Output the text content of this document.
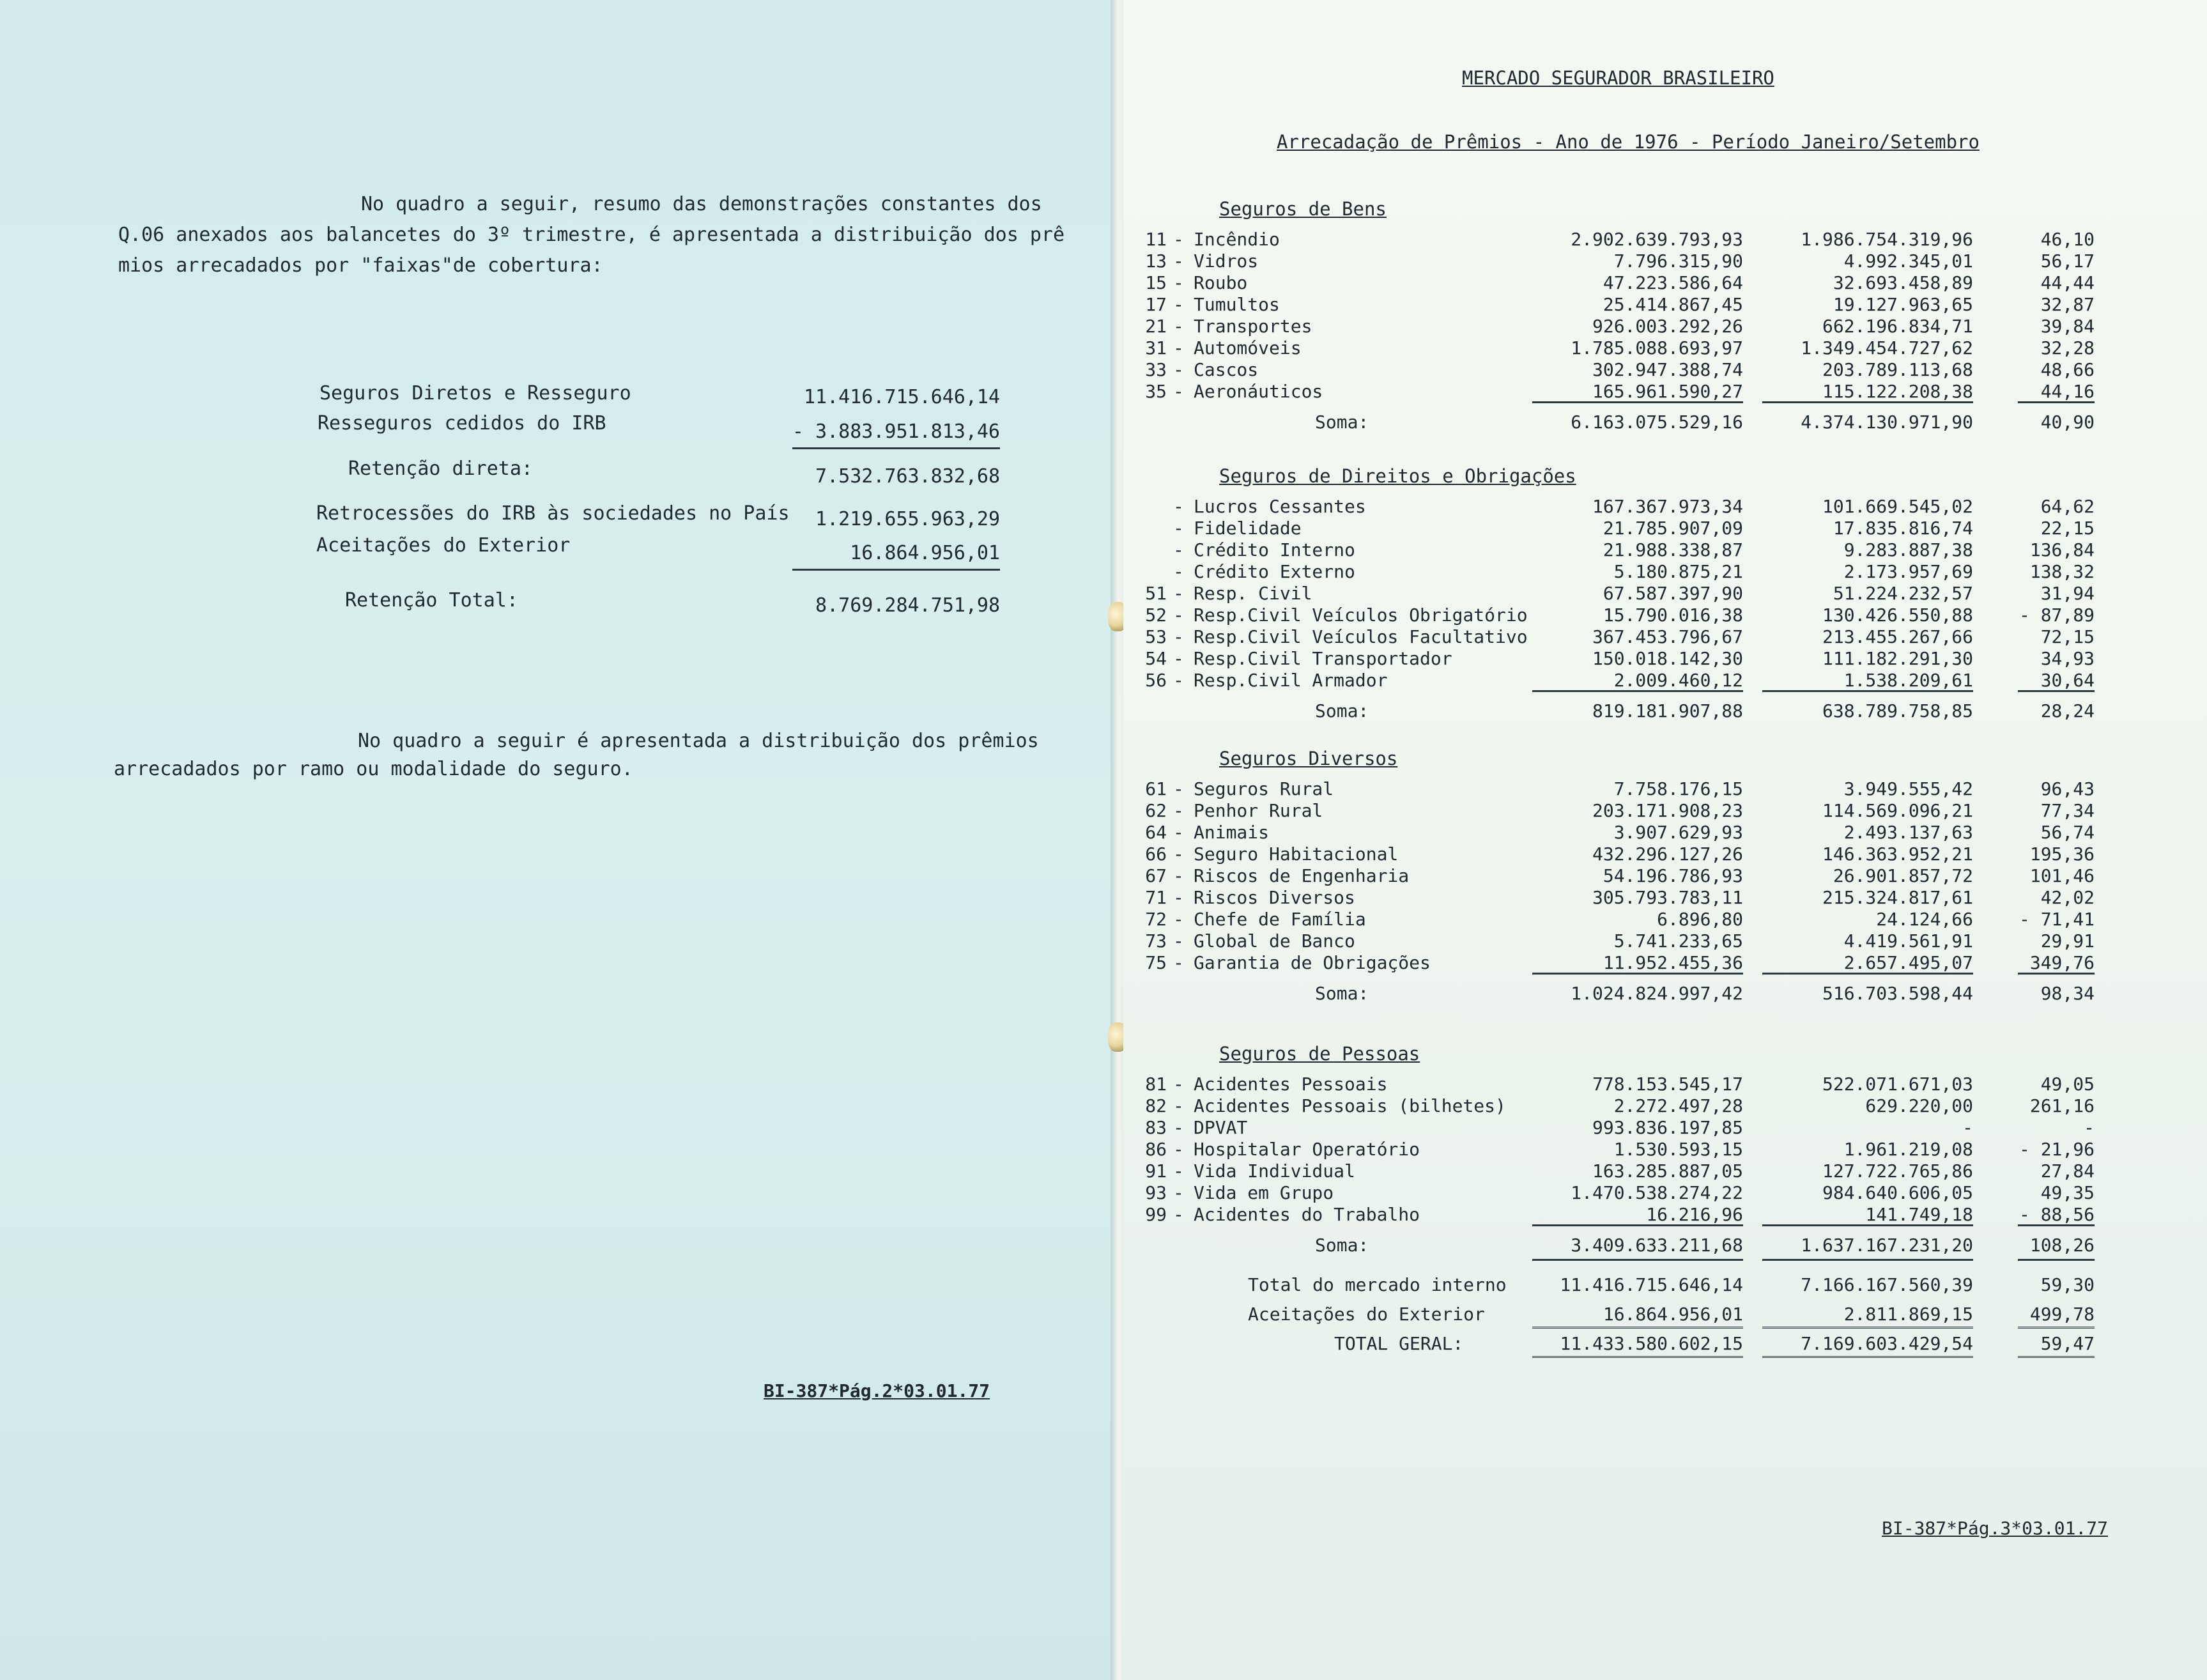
No quadro a seguir, resumo das demonstrações constantes dos
Q.06 anexados aos balancetes do 3º trimestre, é apresentada a distribuição dos prê
mios arrecadados por "faixas"de cobertura:
Seguros Diretos e Resseguro	11.416.715.646,14
Resseguros cedidos do IRB	- 3.883.951.813,46
Retenção direta:	7.532.763.832,68
Retrocessões do IRB às sociedades no País	1.219.655.963,29
Aceitações do Exterior	16.864.956,01
Retenção Total:	8.769.284.751,98
No quadro a seguir é apresentada a distribuição dos prêmios
arrecadados por ramo ou modalidade do seguro.
BI-387*Pág.2*03.01.77
MERCADO SEGURADOR BRASILEIRO
Arrecadação de Prêmios - Ano de 1976 - Período Janeiro/Setembro
BI-387*Pág.3*03.01.77
Seguros de Bens
11 - Incêndio	2.902.639.793,93	1.986.754.319,96	46,10
13 - Vidros	7.796.315,90	4.992.345,01	56,17
15 - Roubo	47.223.586,64	32.693.458,89	44,44
17 - Tumultos	25.414.867,45	19.127.963,65	32,87
21 - Transportes	926.003.292,26	662.196.834,71	39,84
31 - Automóveis	1.785.088.693,97	1.349.454.727,62	32,28
33 - Cascos	302.947.388,74	203.789.113,68	48,66
35 - Aeronáuticos	165.961.590,27	115.122.208,38	44,16
Soma:	6.163.075.529,16	4.374.130.971,90	40,90
Seguros de Direitos e Obrigações
- Lucros Cessantes	167.367.973,34	101.669.545,02	64,62
- Fidelidade	21.785.907,09	17.835.816,74	22,15
- Crédito Interno	21.988.338,87	9.283.887,38	136,84
- Crédito Externo	5.180.875,21	2.173.957,69	138,32
51 - Resp. Civil	67.587.397,90	51.224.232,57	31,94
52 - Resp.Civil Veículos Obrigatório	15.790.016,38	130.426.550,88	- 87,89
53 - Resp.Civil Veículos Facultativo	367.453.796,67	213.455.267,66	72,15
54 - Resp.Civil Transportador	150.018.142,30	111.182.291,30	34,93
56 - Resp.Civil Armador	2.009.460,12	1.538.209,61	30,64
Soma:	819.181.907,88	638.789.758,85	28,24
Seguros Diversos
61 - Seguros Rural	7.758.176,15	3.949.555,42	96,43
62 - Penhor Rural	203.171.908,23	114.569.096,21	77,34
64 - Animais	3.907.629,93	2.493.137,63	56,74
66 - Seguro Habitacional	432.296.127,26	146.363.952,21	195,36
67 - Riscos de Engenharia	54.196.786,93	26.901.857,72	101,46
71 - Riscos Diversos	305.793.783,11	215.324.817,61	42,02
72 - Chefe de Família	6.896,80	24.124,66	- 71,41
73 - Global de Banco	5.741.233,65	4.419.561,91	29,91
75 - Garantia de Obrigações	11.952.455,36	2.657.495,07	349,76
Soma:	1.024.824.997,42	516.703.598,44	98,34
Seguros de Pessoas
81 - Acidentes Pessoais	778.153.545,17	522.071.671,03	49,05
82 - Acidentes Pessoais (bilhetes)	2.272.497,28	629.220,00	261,16
83 - DPVAT	993.836.197,85	-	-
86 - Hospitalar Operatório	1.530.593,15	1.961.219,08	- 21,96
91 - Vida Individual	163.285.887,05	127.722.765,86	27,84
93 - Vida em Grupo	1.470.538.274,22	984.640.606,05	49,35
99 - Acidentes do Trabalho	16.216,96	141.749,18	- 88,56
Soma:	3.409.633.211,68	1.637.167.231,20	108,26
Total do mercado interno	11.416.715.646,14	7.166.167.560,39	59,30
Aceitações do Exterior	16.864.956,01	2.811.869,15	499,78
TOTAL GERAL:	11.433.580.602,15	7.169.603.429,54	59,47
